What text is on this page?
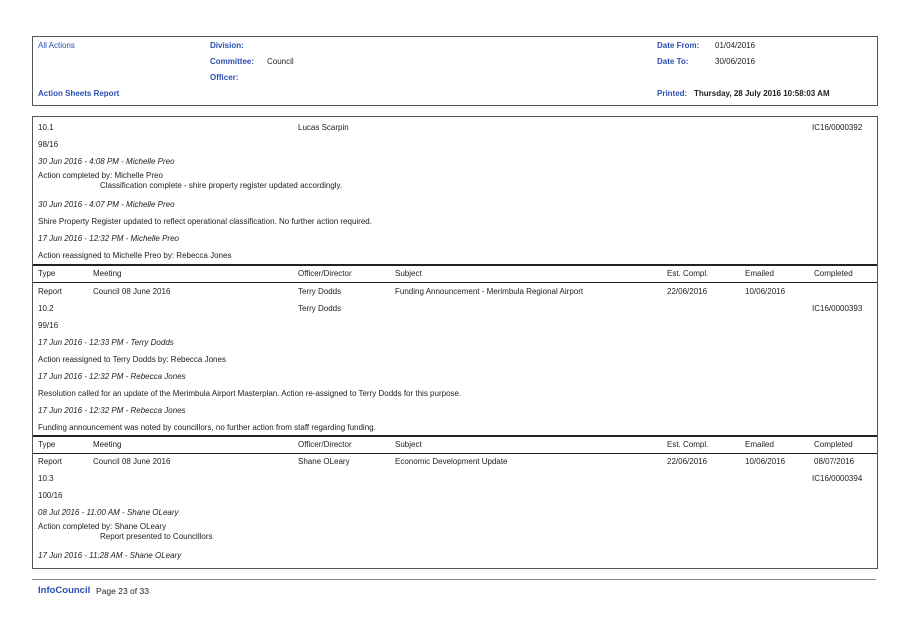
All Actions	Division:
Committee: Council
Officer:
Action Sheets Report
Date From: 01/04/2016
Date To:	30/06/2016
Printed: Thursday, 28 July 2016 10:58:03 AM
10.1	Lucas Scarpin	IC16/0000392
98/16
30 Jun 2016 - 4:08 PM - Michelle Preo
Action completed by: Michelle Preo
Classification complete - shire property register updated accordingly.
30 Jun 2016 - 4:07 PM - Michelle Preo
Shire Property Register updated to reflect operational classification. No further action required.
17 Jun 2016 - 12:32 PM - Michelle Preo
Action reassigned to Michelle Preo by: Rebecca Jones
Type	Meeting	Officer/Director	Subject	Est. Compl.	Emailed	Completed
Report	Council 08 June 2016	Terry Dodds	Funding Announcement - Merimbula Regional Airport	22/06/2016	10/06/2016
10.2	Terry Dodds	IC16/0000393
99/16
17 Jun 2016 - 12:33 PM - Terry Dodds
Action reassigned to Terry Dodds by: Rebecca Jones
17 Jun 2016 - 12:32 PM - Rebecca Jones
Resolution called for an update of the Merimbula Airport Masterplan. Action re-assigned to Terry Dodds for this purpose.
17 Jun 2016 - 12:32 PM - Rebecca Jones
Funding announcement was noted by councillors, no further action from staff regarding funding.
Type	Meeting	Officer/Director	Subject	Est. Compl.	Emailed	Completed
Report	Council 08 June 2016	Shane OLeary	Economic Development Update	22/06/2016	10/06/2016	08/07/2016
10.3	IC16/0000394
100/16
08 Jul 2016 - 11:00 AM - Shane OLeary
Action completed by: Shane OLeary
Report presented to Councillors
17 Jun 2016 - 11:28 AM - Shane OLeary
InfoCouncil Page 23 of 33
